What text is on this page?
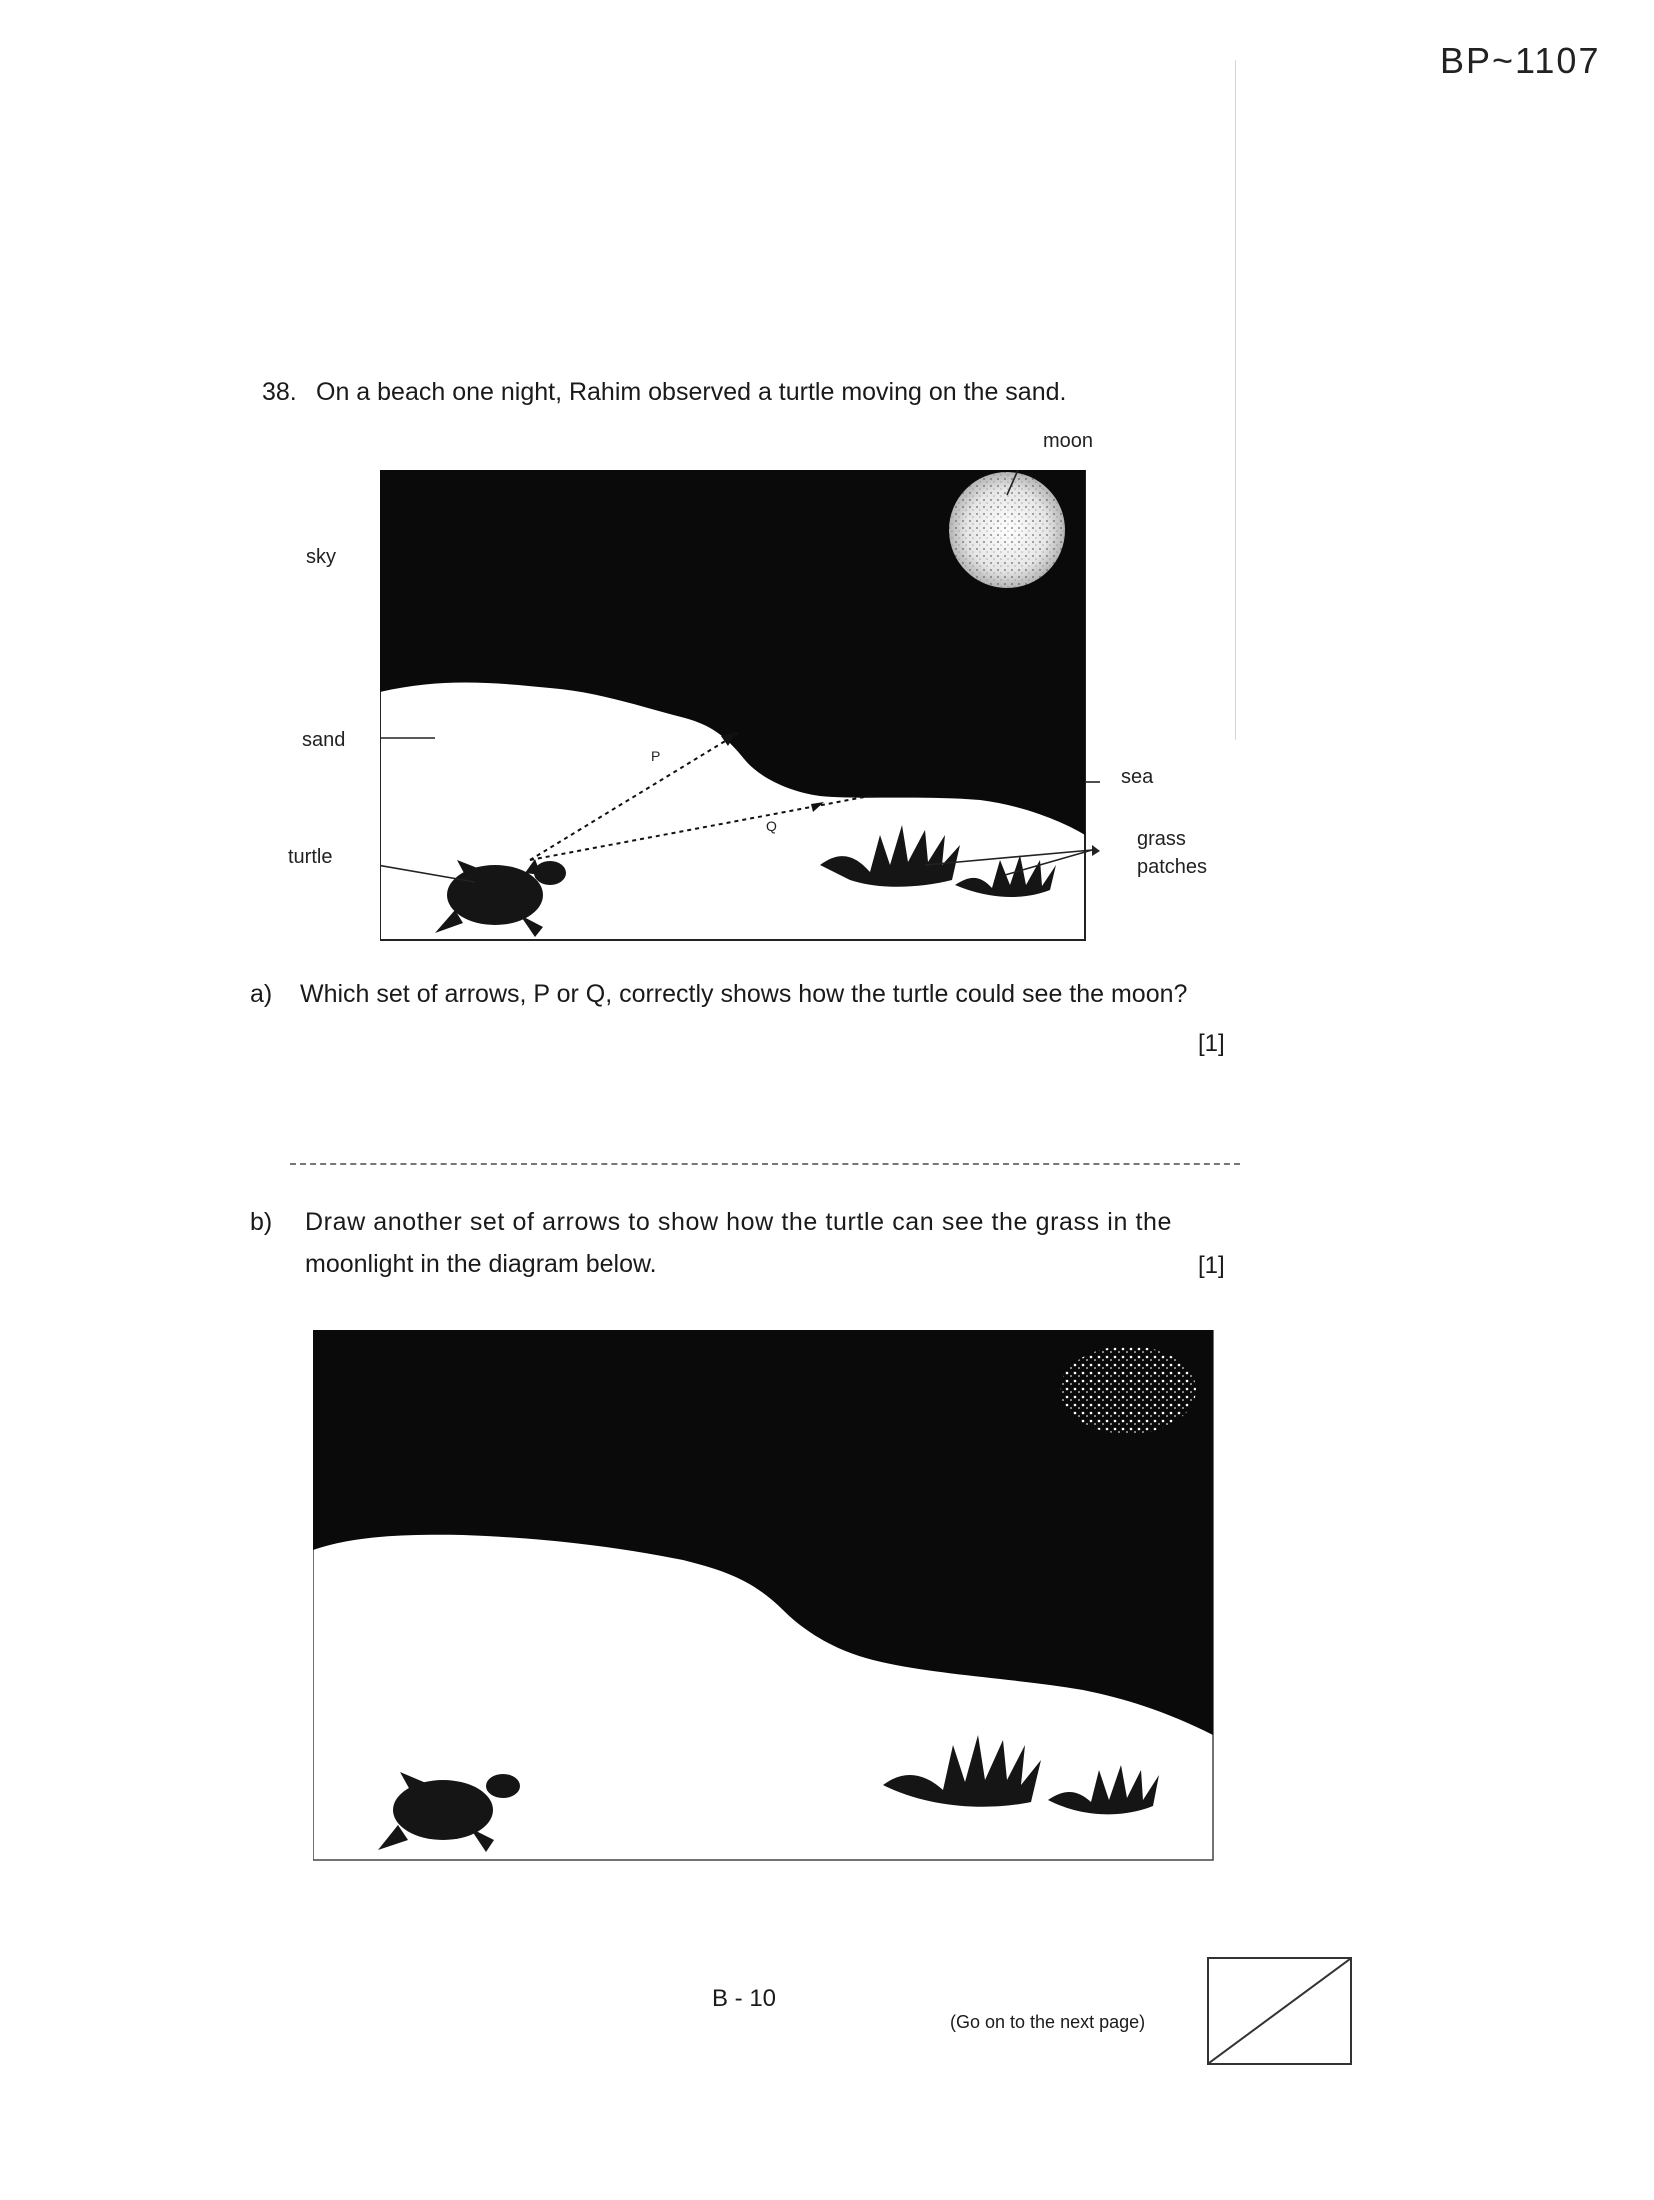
BP~1107
38. On a beach one night, Rahim observed a turtle moving on the sand.
moon
sky
sand
sea
turtle
grass
patches
P
Q
a) Which set of arrows, P or Q, correctly shows how the turtle could see the moon?
[1]
b) Draw another set of arrows to show how the turtle can see the grass in the
moonlight in the diagram below.	[1]
B - 10
(Go on to the next page)
